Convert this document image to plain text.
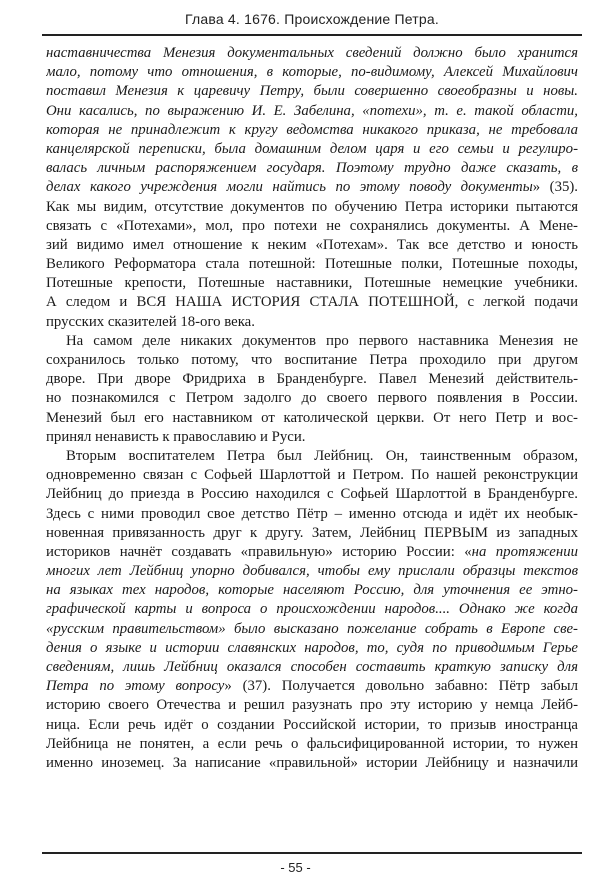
Глава 4. 1676. Происхождение Петра.
наставничества Менезия документальных сведений должно было хранится
мало, потому что отношения, в которые, по-видимому, Алексей Михайлович
поставил Менезия к царевичу Петру, были совершенно своеобразны и новы.
Они касались, по выражению И. Е. Забелина, «потехи», т. е. такой области,
которая не принадлежит к кругу ведомства никакого приказа, не требовала
канцелярской переписки, была домашним делом царя и его семьи и регулиро-
валась личным распоряжением государя. Поэтому трудно даже сказать, в
делах какого учреждения могли найтись по этому поводу документы» (35).
Как мы видим, отсутствие документов по обучению Петра историки пытаются
связать с «Потехами», мол, про потехи не сохранялись документы. А Мене-
зий видимо имел отношение к неким «Потехам». Так все детство и юность
Великого Реформатора стала потешной: Потешные полки, Потешные походы,
Потешные крепости, Потешные наставники, Потешные немецкие учебники.
А следом и ВСЯ НАША ИСТОРИЯ СТАЛА ПОТЕШНОЙ, с легкой подачи
прусских сказителей 18-ого века.
На самом деле никаких документов про первого наставника Менезия не
сохранилось только потому, что воспитание Петра проходило при другом
дворе. При дворе Фридриха в Бранденбурге. Павел Менезий действитель-
но познакомился с Петром задолго до своего первого появления в России.
Менезий был его наставником от католической церкви. От него Петр и вос-
принял ненависть к православию и Руси.
Вторым воспитателем Петра был Лейбниц. Он, таинственным образом,
одновременно связан с Софьей Шарлоттой и Петром. По нашей реконструкции
Лейбниц до приезда в Россию находился с Софьей Шарлоттой в Бранденбурге.
Здесь с ними проводил свое детство Пётр – именно отсюда и идёт их необык-
новенная привязанность друг к другу. Затем, Лейбниц ПЕРВЫМ из западных
историков начнёт создавать «правильную» историю России: «на протяжении
многих лет Лейбниц упорно добивался, чтобы ему прислали образцы текстов
на языках тех народов, которые населяют Россию, для уточнения ее этно-
графической карты и вопроса о происхождении народов.... Однако же когда
«русским правительством» было высказано пожелание собрать в Европе све-
дения о языке и истории славянских народов, то, судя по приводимым Герье
сведениям, лишь Лейбниц оказался способен составить краткую записку для
Петра по этому вопросу» (37). Получается довольно забавно: Пётр забыл
историю своего Отечества и решил разузнать про эту историю у немца Лейб-
ница. Если речь идёт о создании Российской истории, то призыв иностранца
Лейбница не понятен, а если речь о фальсифицированной истории, то нужен
именно иноземец. За написание «правильной» истории Лейбницу и назначили
- 55 -
